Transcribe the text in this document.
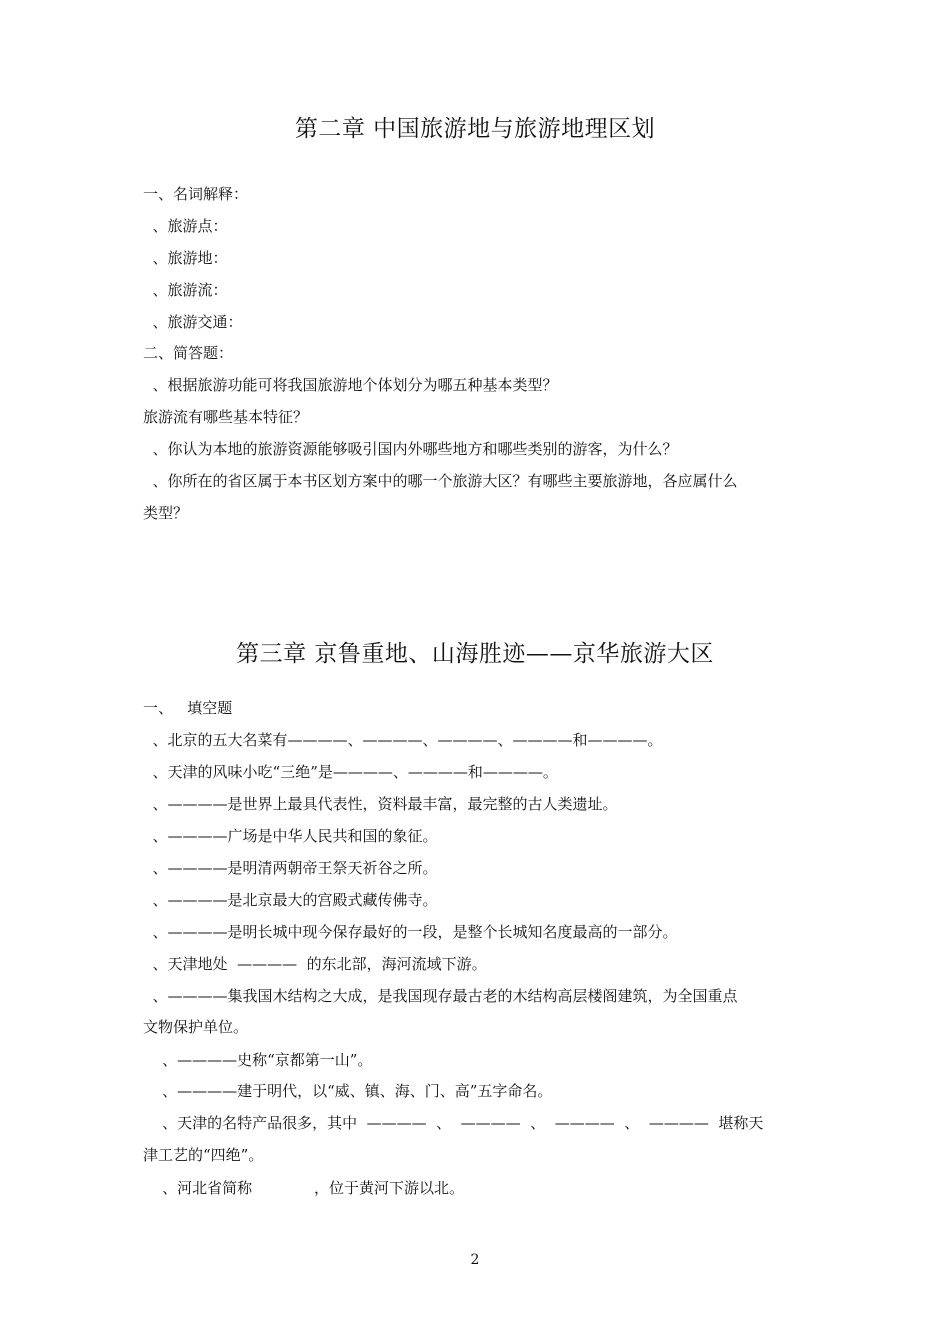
第二章 中国旅游地与旅游地理区划
一、名词解释：
、旅游点：
、旅游地：
、旅游流：
、旅游交通：
二、简答题：
、根据旅游功能可将我国旅游地个体划分为哪五种基本类型？
旅游流有哪些基本特征？
、你认为本地的旅游资源能够吸引国内外哪些地方和哪些类别的游客，为什么？
、你所在的省区属于本书区划方案中的哪一个旅游大区？有哪些主要旅游地，各应属什么
类型？
第三章 京鲁重地、山海胜迹——京华旅游大区
一、   填空题
、北京的五大名菜有————、————、————、————和————。
、天津的风味小吃“三绝”是————、————和————。
、————是世界上最具代表性，资料最丰富，最完整的古人类遗址。
、————广场是中华人民共和国的象征。
、————是明清两朝帝王祭天祈谷之所。
、————是北京最大的宫殿式藏传佛寺。
、————是明长城中现今保存最好的一段，是整个长城知名度最高的一部分。
、天津地处  ————  的东北部，海河流域下游。
、————集我国木结构之大成，是我国现存最古老的木结构高层楼阁建筑，为全国重点
文物保护单位。
、————史称“京都第一山”。
、————建于明代，以“威、镇、海、门、高”五字命名。
、天津的名特产品很多，其中  ————  、  ————  、  ————  、  ————  堪称天
津工艺的“四绝”。
、河北省简称             ，位于黄河下游以北。
2
